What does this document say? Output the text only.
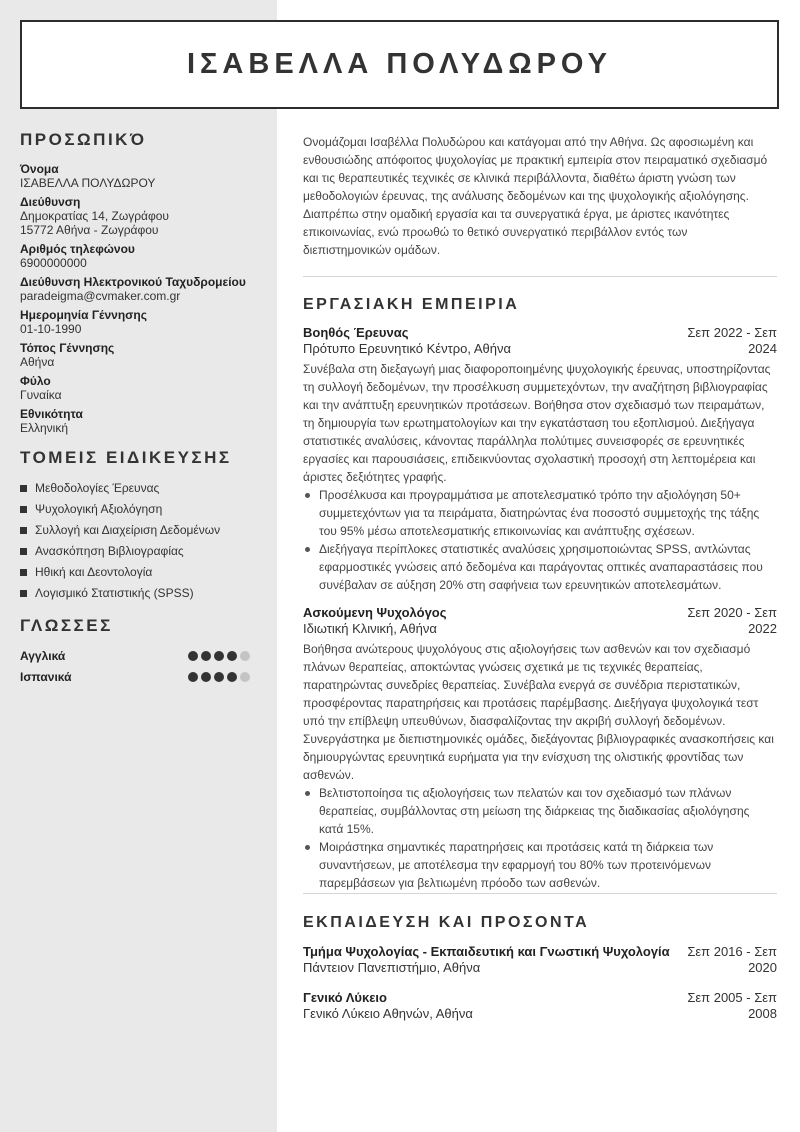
ΙΣΑΒΕΛΛΑ ΠΟΛΥΔΩΡΟΥ
ΠΡΟΣΩΠΙΚΌ
Όνομα
ΙΣΑΒΕΛΛΑ ΠΟΛΥΔΩΡΟΥ
Διεύθυνση
Δημοκρατίας 14, Ζωγράφου
15772 Αθήνα - Ζωγράφου
Αριθμός τηλεφώνου
6900000000
Διεύθυνση Ηλεκτρονικού Ταχυδρομείου
paradeigma@cvmaker.com.gr
Ημερομηνία Γέννησης
01-10-1990
Τόπος Γέννησης
Αθήνα
Φύλο
Γυναίκα
Εθνικότητα
Ελληνική
ΤΟΜΕΙΣ ΕΙΔΙΚΕΥΣΗΣ
Μεθοδολογίες Έρευνας
Ψυχολογική Αξιολόγηση
Συλλογή και Διαχείριση Δεδομένων
Ανασκόπηση Βιβλιογραφίας
Ηθική και Δεοντολογία
Λογισμικό Στατιστικής (SPSS)
ΓΛΩΣΣΕΣ
Αγγλικά
Ισπανικά

Ονομάζομαι Ισαβέλλα Πολυδώρου και κατάγομαι από την Αθήνα. Ως αφοσιωμένη και ενθουσιώδης απόφοιτος ψυχολογίας με πρακτική εμπειρία στον πειραματικό σχεδιασμό και τις θεραπευτικές τεχνικές σε κλινικά περιβάλλοντα, διαθέτω άριστη γνώση των μεθοδολογιών έρευνας, της ανάλυσης δεδομένων και της ψυχολογικής αξιολόγησης. Διαπρέπω στην ομαδική εργασία και τα συνεργατικά έργα, με άριστες ικανότητες επικοινωνίας, ενώ προωθώ το θετικό συνεργατικό περιβάλλον εντός των διεπιστημονικών ομάδων.

ΕΡΓΑΣΙΑΚΗ ΕΜΠΕΙΡΙΑ
Βοηθός Έρευνας
Πρότυπο Ερευνητικό Κέντρο, Αθήνα
Σεπ 2022 - Σεπ 2024

Συνέβαλα στη διεξαγωγή μιας διαφοροποιημένης ψυχολογικής έρευνας, υποστηρίζοντας τη συλλογή δεδομένων, την προσέλκυση συμμετεχόντων, την αναζήτηση βιβλιογραφίας και την ανάπτυξη ερευνητικών προτάσεων. Βοήθησα στον σχεδιασμό των πειραμάτων, τη δημιουργία των ερωτηματολογίων και την εγκατάσταση του εξοπλισμού. Διεξήγαγα στατιστικές αναλύσεις, κάνοντας παράλληλα πολύτιμες συνεισφορές σε ερευνητικές εργασίες και παρουσιάσεις, επιδεικνύοντας σχολαστική προσοχή στη λεπτομέρεια και άριστες δεξιότητες γραφής.

Προσέλκυσα και προγραμμάτισα με αποτελεσματικό τρόπο την αξιολόγηση 50+ συμμετεχόντων για τα πειράματα, διατηρώντας ένα ποσοστό συμμετοχής της τάξης του 95% μέσω αποτελεσματικής επικοινωνίας και ανάπτυξης σχέσεων.
Διεξήγαγα περίπλοκες στατιστικές αναλύσεις χρησιμοποιώντας SPSS, αντλώντας εφαρμοστικές γνώσεις από δεδομένα και παράγοντας οπτικές αναπαραστάσεις που συνέβαλαν σε αύξηση 20% στη σαφήνεια των ερευνητικών αποτελεσμάτων.
Ασκούμενη Ψυχολόγος
Ιδιωτική Κλινική, Αθήνα
Σεπ 2020 - Σεπ 2022

Βοήθησα ανώτερους ψυχολόγους στις αξιολογήσεις των ασθενών και τον σχεδιασμό πλάνων θεραπείας, αποκτώντας γνώσεις σχετικά με τις τεχνικές θεραπείας, παρατηρώντας συνεδρίες θεραπείας. Συνέβαλα ενεργά σε συνέδρια περιστατικών, προσφέροντας παρατηρήσεις και προτάσεις παρέμβασης. Διεξήγαγα ψυχολογικά τεστ υπό την επίβλεψη υπευθύνων, διασφαλίζοντας την ακριβή συλλογή δεδομένων. Συνεργάστηκα με διεπιστημονικές ομάδες, διεξάγοντας βιβλιογραφικές ανασκοπήσεις και δημιουργώντας ερευνητικά ευρήματα για την ενίσχυση της ολιστικής φροντίδας των ασθενών.

Βελτιστοποίησα τις αξιολογήσεις των πελατών και τον σχεδιασμό των πλάνων θεραπείας, συμβάλλοντας στη μείωση της διάρκειας της διαδικασίας αξιολόγησης κατά 15%.
Μοιράστηκα σημαντικές παρατηρήσεις και προτάσεις κατά τη διάρκεια των συναντήσεων, με αποτέλεσμα την εφαρμογή του 80% των προτεινόμενων παρεμβάσεων για βελτιωμένη πρόοδο των ασθενών.
ΕΚΠΑΙΔΕΥΣΗ ΚΑΙ ΠΡΟΣΟΝΤΑ
Τμήμα Ψυχολογίας - Εκπαιδευτική και Γνωστική Ψυχολογία
Πάντειον Πανεπιστήμιο, Αθήνα
Σεπ 2016 - Σεπ 2020
Γενικό Λύκειο
Γενικό Λύκειο Αθηνών, Αθήνα
Σεπ 2005 - Σεπ 2008
